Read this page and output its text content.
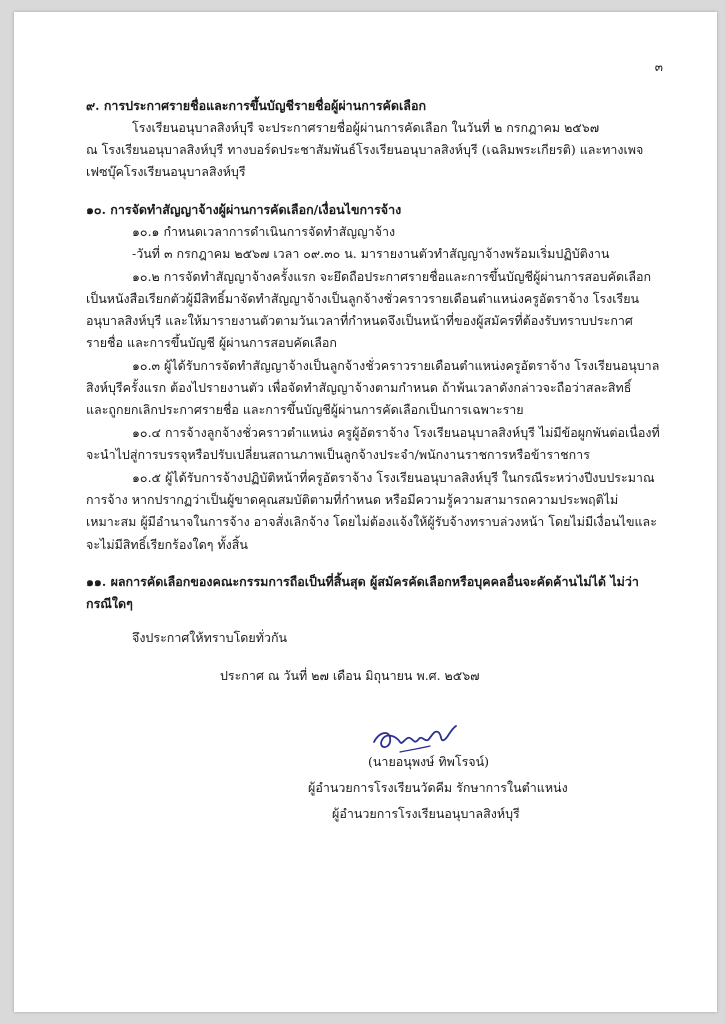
๓
๙. การประกาศรายชื่อและการขึ้นบัญชีรายชื่อผู้ผ่านการคัดเลือก
โรงเรียนอนุบาลสิงห์บุรี จะประกาศรายชื่อผู้ผ่านการคัดเลือก ในวันที่ ๒ กรกฎาคม ๒๕๖๗
ณ โรงเรียนอนุบาลสิงห์บุรี ทางบอร์ดประชาสัมพันธ์โรงเรียนอนุบาลสิงห์บุรี (เฉลิมพระเกียรติ) และทางเพจ
เฟซบุ๊คโรงเรียนอนุบาลสิงห์บุรี
๑๐. การจัดทำสัญญาจ้างผู้ผ่านการคัดเลือก/เงื่อนไขการจ้าง
๑๐.๑ กำหนดเวลาการดำเนินการจัดทำสัญญาจ้าง
-วันที่ ๓ กรกฎาคม ๒๕๖๗ เวลา ๐๙.๓๐ น. มารายงานตัวทำสัญญาจ้างพร้อมเริ่มปฏิบัติงาน
๑๐.๒ การจัดทำสัญญาจ้างครั้งแรก จะยึดถือประกาศรายชื่อและการขึ้นบัญชีผู้ผ่านการสอบคัดเลือก
เป็นหนังสือเรียกตัวผู้มีสิทธิ์มาจัดทำสัญญาจ้างเป็นลูกจ้างชั่วคราวรายเดือนตำแหน่งครูอัตราจ้าง โรงเรียน
อนุบาลสิงห์บุรี และให้มารายงานตัวตามวันเวลาที่กำหนดจึงเป็นหน้าที่ของผู้สมัครที่ต้องรับทราบประกาศ
รายชื่อ และการขึ้นบัญชี ผู้ผ่านการสอบคัดเลือก
๑๐.๓ ผู้ได้รับการจัดทำสัญญาจ้างเป็นลูกจ้างชั่วคราวรายเดือนตำแหน่งครูอัตราจ้าง โรงเรียนอนุบาล
สิงห์บุรีครั้งแรก ต้องไปรายงานตัว เพื่อจัดทำสัญญาจ้างตามกำหนด ถ้าพ้นเวลาดังกล่าวจะถือว่าสละสิทธิ์
และถูกยกเลิกประกาศรายชื่อ และการขึ้นบัญชีผู้ผ่านการคัดเลือกเป็นการเฉพาะราย
๑๐.๔ การจ้างลูกจ้างชั่วคราวตำแหน่ง ครูผู้อัตราจ้าง โรงเรียนอนุบาลสิงห์บุรี ไม่มีข้อผูกพันต่อเนื่องที่
จะนำไปสู่การบรรจุหรือปรับเปลี่ยนสถานภาพเป็นลูกจ้างประจำ/พนักงานราชการหรือข้าราชการ
๑๐.๕ ผู้ได้รับการจ้างปฏิบัติหน้าที่ครูอัตราจ้าง โรงเรียนอนุบาลสิงห์บุรี ในกรณีระหว่างปีงบประมาณ
การจ้าง หากปรากฏว่าเป็นผู้ขาดคุณสมบัติตามที่กำหนด หรือมีความรู้ความสามารถความประพฤติไม่
เหมาะสม ผู้มีอำนาจในการจ้าง อาจสั่งเลิกจ้าง โดยไม่ต้องแจ้งให้ผู้รับจ้างทราบล่วงหน้า โดยไม่มีเงื่อนไขและ
จะไม่มีสิทธิ์เรียกร้องใดๆ ทั้งสิ้น
๑๑. ผลการคัดเลือกของคณะกรรมการถือเป็นที่สิ้นสุด ผู้สมัครคัดเลือกหรือบุคคลอื่นจะคัดค้านไม่ได้ ไม่ว่า
กรณีใดๆ
จึงประกาศให้ทราบโดยทั่วกัน
ประกาศ ณ วันที่ ๒๗ เดือน มิถุนายน พ.ศ. ๒๕๖๗
(นายอนุพงษ์ ทิพโรจน์)
ผู้อำนวยการโรงเรียนวัดคีม รักษาการในตำแหน่ง
ผู้อำนวยการโรงเรียนอนุบาลสิงห์บุรี
